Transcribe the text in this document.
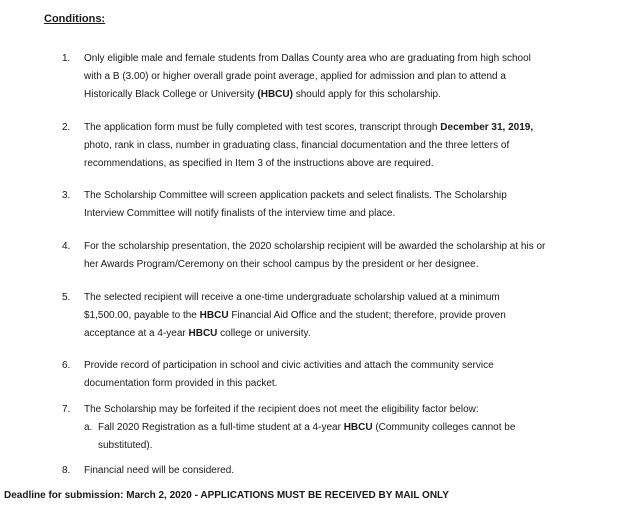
Conditions:
1.	Only eligible male and female students from Dallas County area who are graduating from high school
with a B (3.00) or higher overall grade point average, applied for admission and plan to attend a
Historically Black College or University (HBCU) should apply for this scholarship.
2.	The application form must be fully completed with test scores, transcript through December 31, 2019,
photo, rank in class, number in graduating class, financial documentation and the three letters of
recommendations, as specified in Item 3 of the instructions above are required.
3.	The Scholarship Committee will screen application packets and select finalists. The Scholarship
Interview Committee will notify finalists of the interview time and place.
4.	For the scholarship presentation, the 2020 scholarship recipient will be awarded the scholarship at his or
her Awards Program/Ceremony on their school campus by the president or her designee.
5.	The selected recipient will receive a one-time undergraduate scholarship valued at a minimum
$1,500.00, payable to the HBCU Financial Aid Office and the student; therefore, provide proven
acceptance at a 4-year HBCU college or university.
6.	Provide record of participation in school and civic activities and attach the community service
documentation form provided in this packet.
7.	The Scholarship may be forfeited if the recipient does not meet the eligibility factor below:
a. Fall 2020 Registration as a full-time student at a 4-year HBCU (Community colleges cannot be
substituted).
8.	Financial need will be considered.
Deadline for submission: March 2, 2020 - APPLICATIONS MUST BE RECEIVED BY MAIL ONLY
